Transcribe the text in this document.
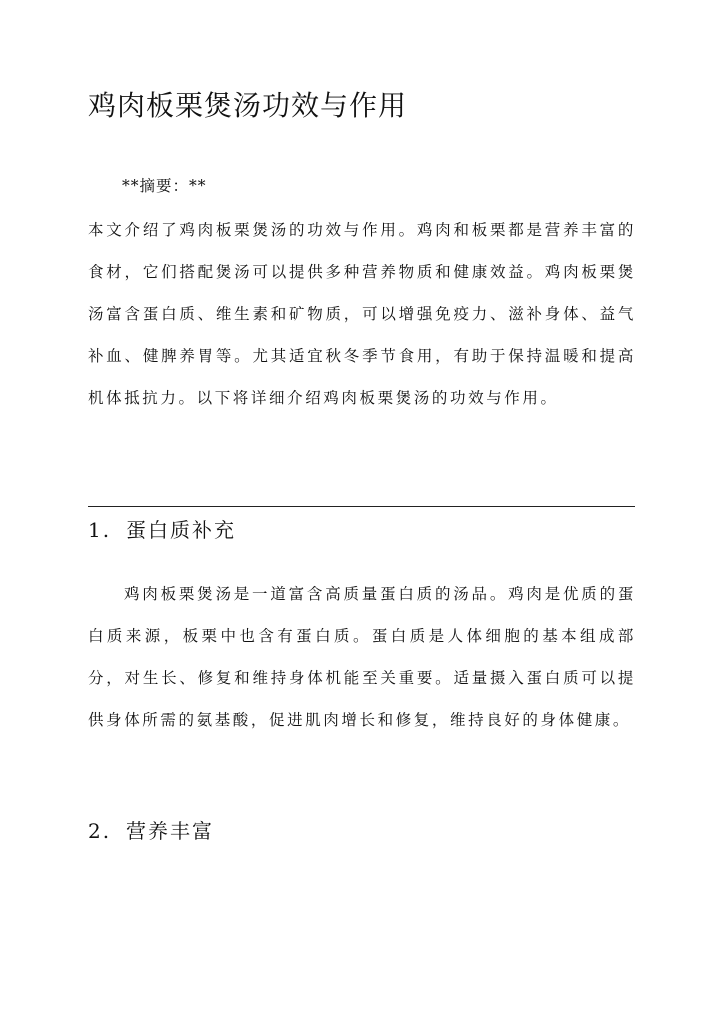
鸡肉板栗煲汤功效与作用

**摘要：**

本文介绍了鸡肉板栗煲汤的功效与作用。鸡肉和板栗都是营养丰富的食材，它们搭配煲汤可以提供多种营养物质和健康效益。鸡肉板栗煲汤富含蛋白质、维生素和矿物质，可以增强免疫力、滋补身体、益气补血、健脾养胃等。尤其适宜秋冬季节食用，有助于保持温暖和提高机体抵抗力。以下将详细介绍鸡肉板栗煲汤的功效与作用。

1. 蛋白质补充

鸡肉板栗煲汤是一道富含高质量蛋白质的汤品。鸡肉是优质的蛋白质来源，板栗中也含有蛋白质。蛋白质是人体细胞的基本组成部分，对生长、修复和维持身体机能至关重要。适量摄入蛋白质可以提供身体所需的氨基酸，促进肌肉增长和修复，维持良好的身体健康。

2. 营养丰富
